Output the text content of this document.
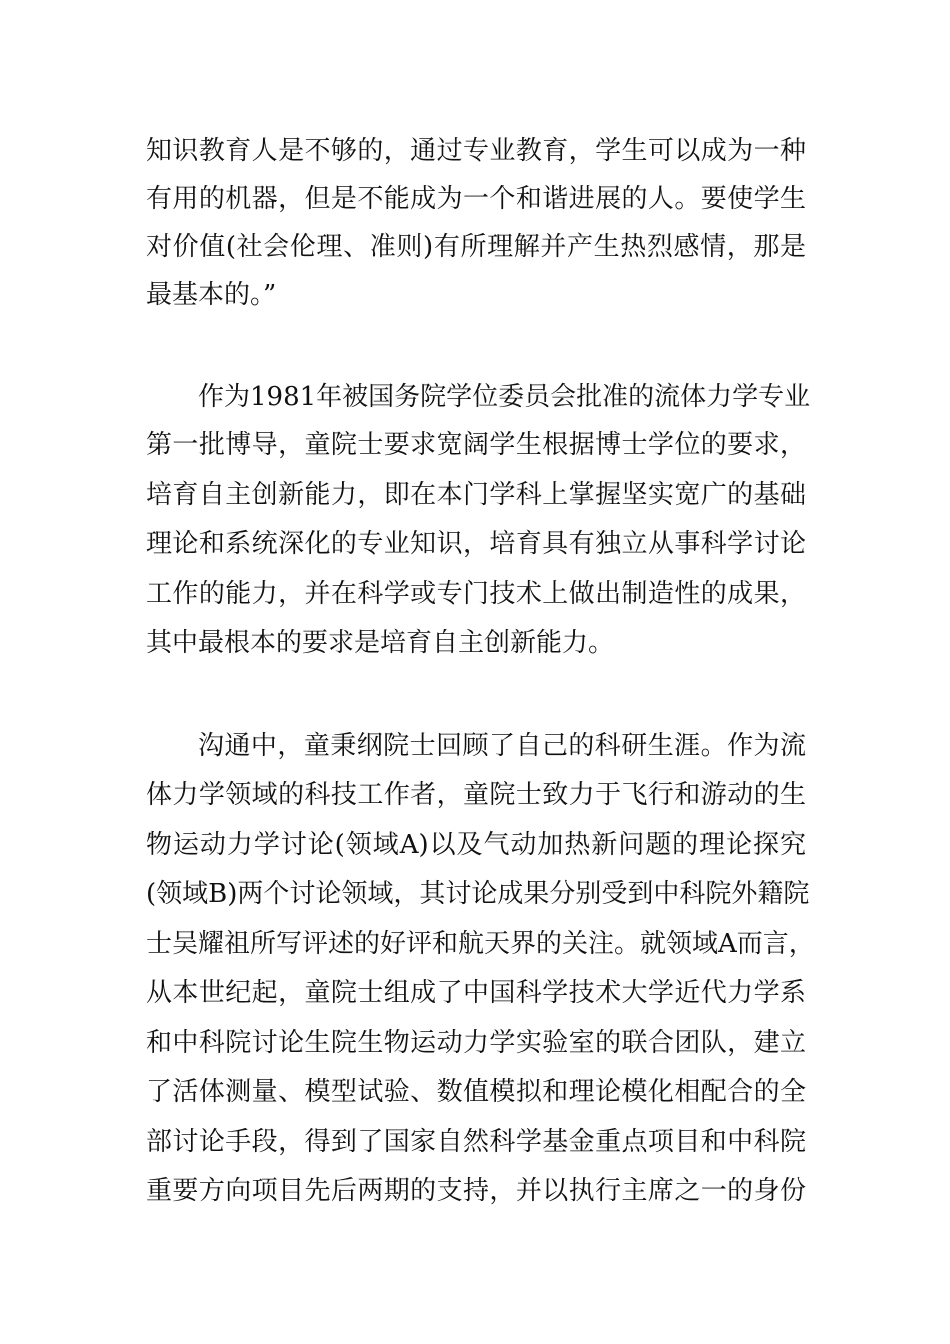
知识教育人是不够的，通过专业教育，学生可以成为一种
有用的机器，但是不能成为一个和谐进展的人。要使学生
对价值(社会伦理、准则)有所理解并产生热烈感情，那是
最基本的。”
作为1981年被国务院学位委员会批准的流体力学专业
第一批博导，童院士要求宽阔学生根据博士学位的要求，
培育自主创新能力，即在本门学科上掌握坚实宽广的基础
理论和系统深化的专业知识，培育具有独立从事科学讨论
工作的能力，并在科学或专门技术上做出制造性的成果，
其中最根本的要求是培育自主创新能力。
沟通中，童秉纲院士回顾了自己的科研生涯。作为流
体力学领域的科技工作者，童院士致力于飞行和游动的生
物运动力学讨论(领域A)以及气动加热新问题的理论探究
(领域B)两个讨论领域，其讨论成果分别受到中科院外籍院
士吴耀祖所写评述的好评和航天界的关注。就领域A而言，
从本世纪起，童院士组成了中国科学技术大学近代力学系
和中科院讨论生院生物运动力学实验室的联合团队，建立
了活体测量、模型试验、数值模拟和理论模化相配合的全
部讨论手段，得到了国家自然科学基金重点项目和中科院
重要方向项目先后两期的支持，并以执行主席之一的身份
